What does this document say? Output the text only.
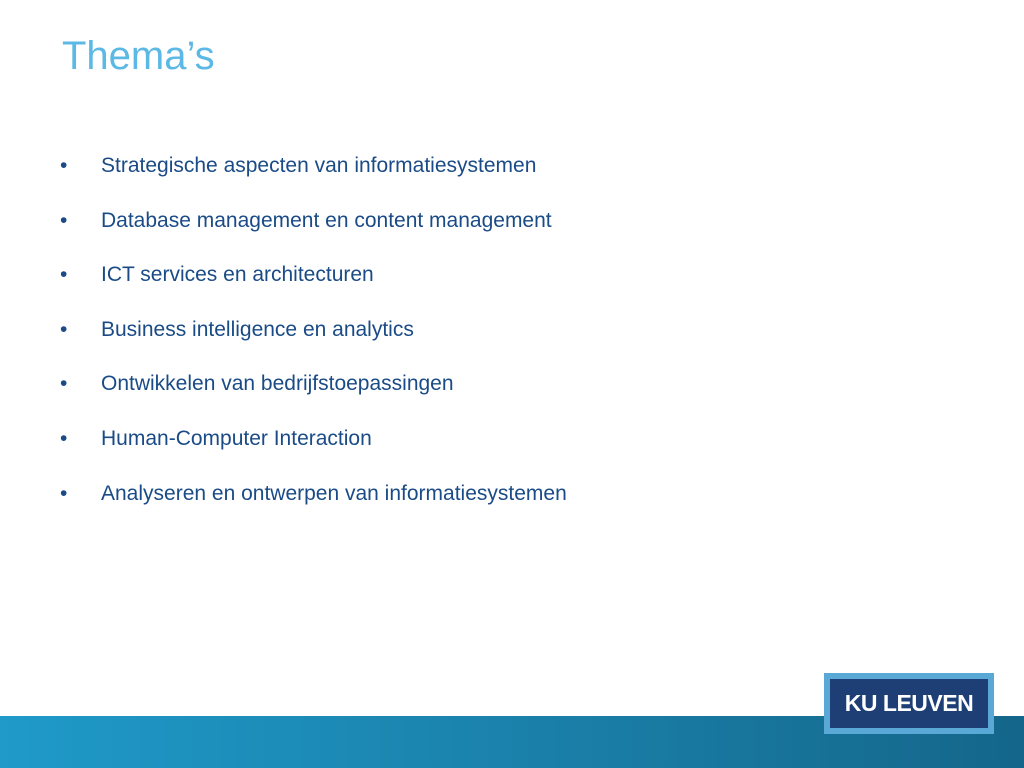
Thema’s
•	Strategische aspecten van informatiesystemen
•	Database management en content management
•	ICT services en architecturen
•	Business intelligence en analytics
•	Ontwikkelen van bedrijfstoepassingen
•	Human-Computer Interaction
•	Analyseren en ontwerpen van informatiesystemen
KU LEUVEN
